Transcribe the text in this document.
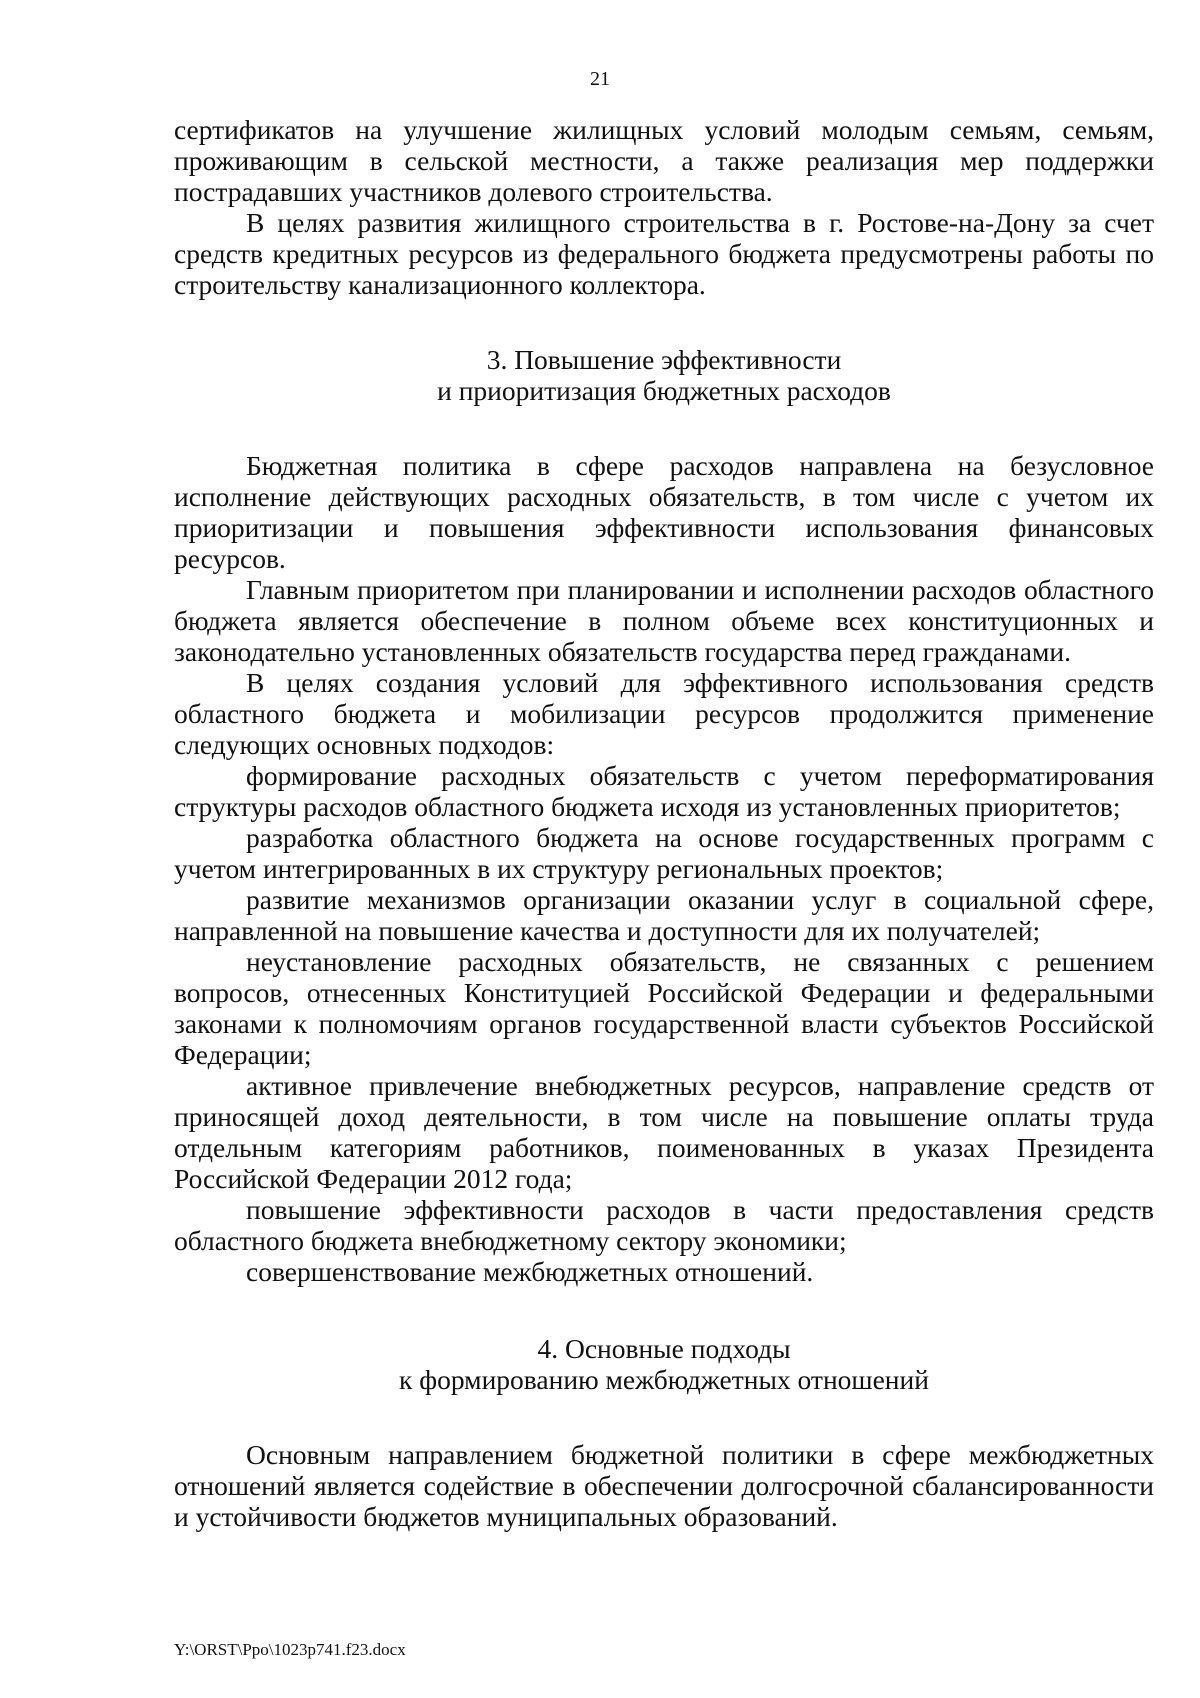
21

сертификатов на улучшение жилищных условий молодым семьям, семьям, проживающим в сельской местности, а также реализация мер поддержки пострадавших участников долевого строительства.

В целях развития жилищного строительства в г. Ростове-на-Дону за счет средств кредитных ресурсов из федерального бюджета предусмотрены работы по строительству канализационного коллектора.

3. Повышение эффективности
и приоритизация бюджетных расходов

Бюджетная политика в сфере расходов направлена на безусловное исполнение действующих расходных обязательств, в том числе с учетом их приоритизации и повышения эффективности использования финансовых ресурсов.

Главным приоритетом при планировании и исполнении расходов областного бюджета является обеспечение в полном объеме всех конституционных и законодательно установленных обязательств государства перед гражданами.

В целях создания условий для эффективного использования средств областного бюджета и мобилизации ресурсов продолжится применение следующих основных подходов:

формирование расходных обязательств с учетом переформатирования структуры расходов областного бюджета исходя из установленных приоритетов;

разработка областного бюджета на основе государственных программ с учетом интегрированных в их структуру региональных проектов;

развитие механизмов организации оказании услуг в социальной сфере, направленной на повышение качества и доступности для их получателей;

неустановление расходных обязательств, не связанных с решением вопросов, отнесенных Конституцией Российской Федерации и федеральными законами к полномочиям органов государственной власти субъектов Российской Федерации;

активное привлечение внебюджетных ресурсов, направление средств от приносящей доход деятельности, в том числе на повышение оплаты труда отдельным категориям работников, поименованных в указах Президента Российской Федерации 2012 года;

повышение эффективности расходов в части предоставления средств областного бюджета внебюджетному сектору экономики;

совершенствование межбюджетных отношений.

4. Основные подходы
к формированию межбюджетных отношений

Основным направлением бюджетной политики в сфере межбюджетных отношений является содействие в обеспечении долгосрочной сбалансированности и устойчивости бюджетов муниципальных образований.

Y:\ORST\Ppo\1023p741.f23.docx
